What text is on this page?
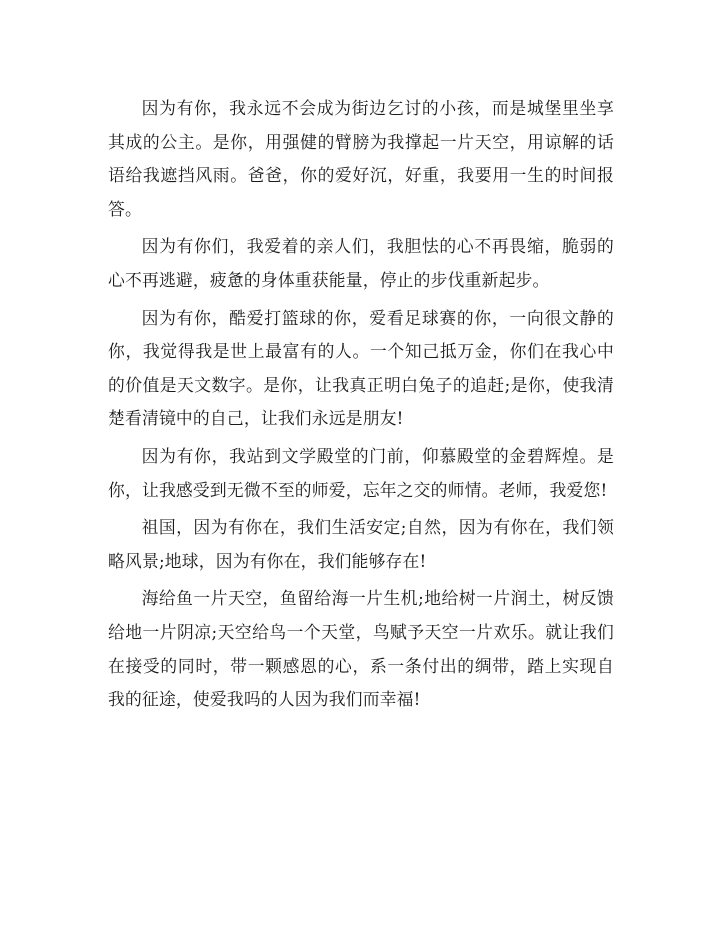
因为有你，我永远不会成为街边乞讨的小孩，而是城堡里坐享其成的公主。是你，用强健的臂膀为我撑起一片天空，用谅解的话语给我遮挡风雨。爸爸，你的爱好沉，好重，我要用一生的时间报答。

因为有你们，我爱着的亲人们，我胆怯的心不再畏缩，脆弱的心不再逃避，疲惫的身体重获能量，停止的步伐重新起步。

因为有你，酷爱打篮球的你，爱看足球赛的你，一向很文静的你，我觉得我是世上最富有的人。一个知己抵万金，你们在我心中的价值是天文数字。是你，让我真正明白兔子的追赶;是你，使我清楚看清镜中的自己，让我们永远是朋友!

因为有你，我站到文学殿堂的门前，仰慕殿堂的金碧辉煌。是你，让我感受到无微不至的师爱，忘年之交的师情。老师，我爱您!

祖国，因为有你在，我们生活安定;自然，因为有你在，我们领略风景;地球，因为有你在，我们能够存在!

海给鱼一片天空，鱼留给海一片生机;地给树一片润土，树反馈给地一片阴凉;天空给鸟一个天堂，鸟赋予天空一片欢乐。就让我们在接受的同时，带一颗感恩的心，系一条付出的绸带，踏上实现自我的征途，使爱我吗的人因为我们而幸福!
